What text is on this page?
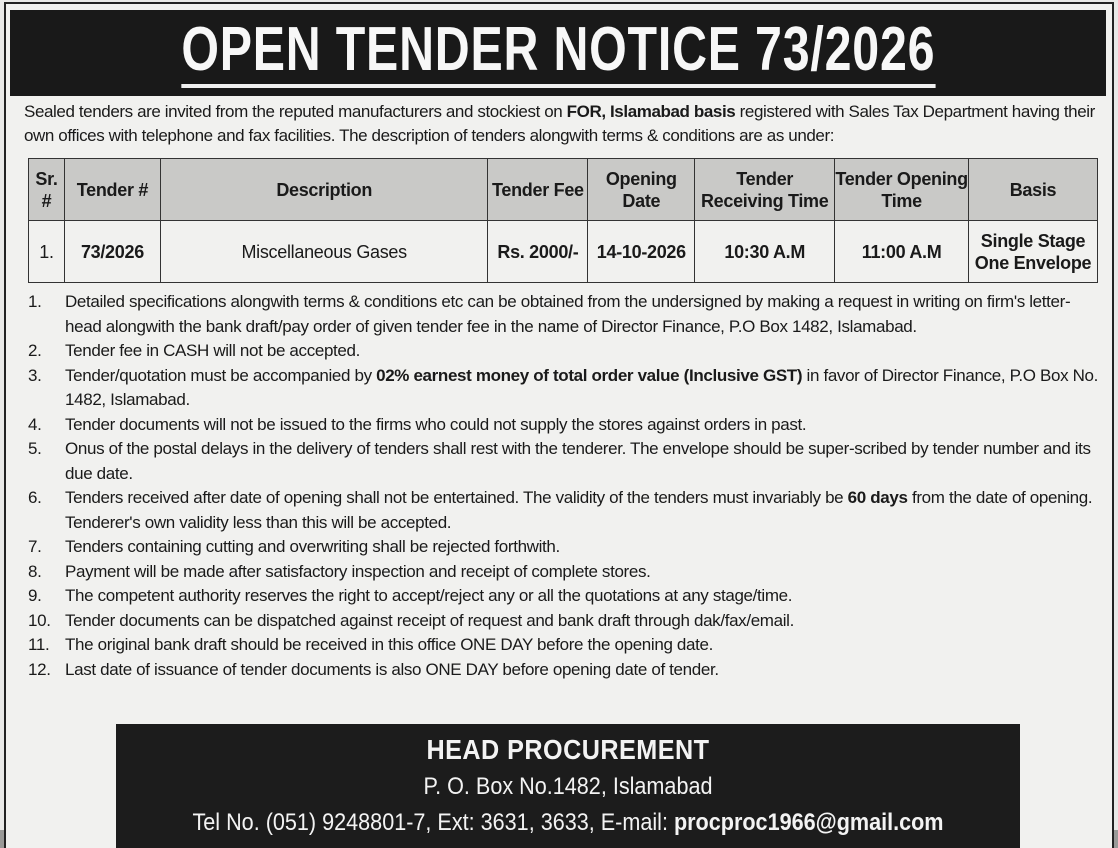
OPEN TENDER NOTICE 73/2026

Sealed tenders are invited from the reputed manufacturers and stockiest on FOR, Islamabad basis registered with Sales Tax Department having their own offices with telephone and fax facilities. The description of tenders alongwith terms & conditions are as under:

Sr. #	Tender #	Description	Tender Fee	Opening Date	Tender Receiving Time	Tender Opening Time	Basis
1.	73/2026	Miscellaneous Gases	Rs. 2000/-	14-10-2026	10:30 A.M	11:00 A.M	Single Stage One Envelope
1.	Detailed specifications alongwith terms & conditions etc can be obtained from the undersigned by making a request in writing on firm's letter-head alongwith the bank draft/pay order of given tender fee in the name of Director Finance, P.O Box 1482, Islamabad.
2.	Tender fee in CASH will not be accepted.
3.	Tender/quotation must be accompanied by 02% earnest money of total order value (Inclusive GST) in favor of Director Finance, P.O Box No. 1482, Islamabad.
4.	Tender documents will not be issued to the firms who could not supply the stores against orders in past.
5.	Onus of the postal delays in the delivery of tenders shall rest with the tenderer. The envelope should be super-scribed by tender number and its due date.
6.	Tenders received after date of opening shall not be entertained. The validity of the tenders must invariably be 60 days from the date of opening. Tenderer's own validity less than this will be accepted.
7.	Tenders containing cutting and overwriting shall be rejected forthwith.
8.	Payment will be made after satisfactory inspection and receipt of complete stores.
9.	The competent authority reserves the right to accept/reject any or all the quotations at any stage/time.
10. Tender documents can be dispatched against receipt of request and bank draft through dak/fax/email.
11. The original bank draft should be received in this office ONE DAY before the opening date.
12. Last date of issuance of tender documents is also ONE DAY before opening date of tender.
HEAD PROCUREMENT
P. O. Box No.1482, Islamabad
Tel No. (051) 9248801-7, Ext: 3631, 3633, E-mail: procproc1966@gmail.com
